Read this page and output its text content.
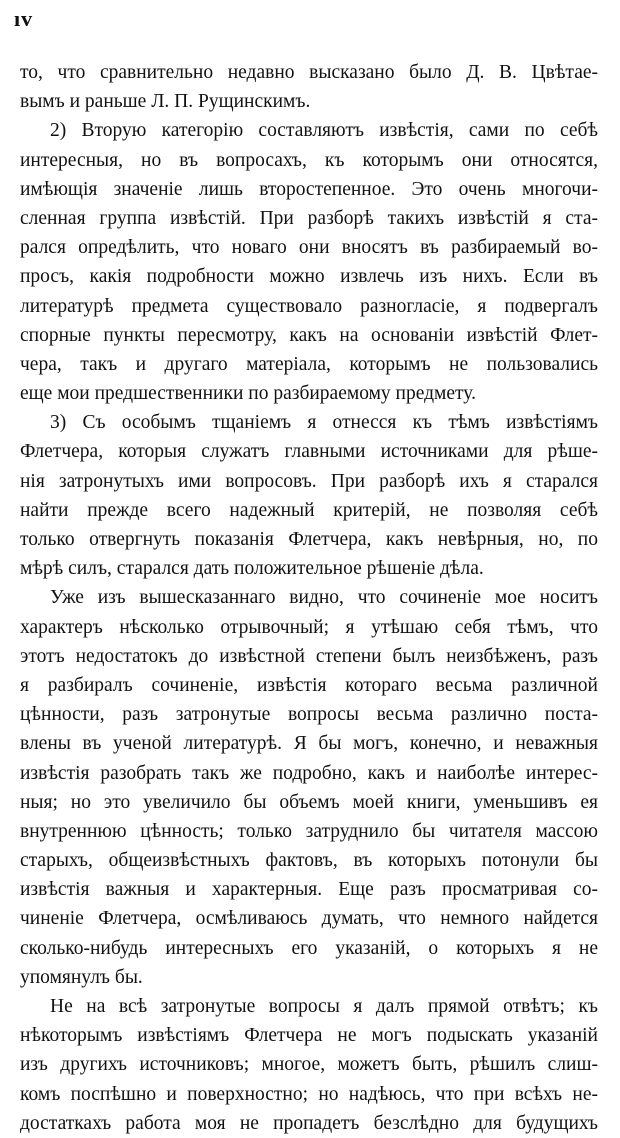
ıv
то, что сравнительно недавно высказано было Д. В. Цвѣтае-
вымъ и раньше Л. П. Рущинскимъ.
2) Вторую категорію составляютъ извѣстія, сами по себѣ
интересныя, но въ вопросахъ, къ которымъ они относятся,
имѣющія значеніе лишь второстепенное. Это очень многочи-
сленная группа извѣстій. При разборѣ такихъ извѣстій я ста-
рался опредѣлить, что новаго они вносятъ въ разбираемый во-
просъ, какія подробности можно извлечь изъ нихъ. Если въ
литературѣ предмета существовало разногласіе, я подвергалъ
спорные пункты пересмотру, какъ на основаніи извѣстій Флет-
чера, такъ и другаго матеріала, которымъ не пользовались
еще мои предшественники по разбираемому предмету.
3) Съ особымъ тщаніемъ я отнесся къ тѣмъ извѣстіямъ
Флетчера, которыя служатъ главными источниками для рѣше-
нія затронутыхъ ими вопросовъ. При разборѣ ихъ я старался
найти прежде всего надежный критерій, не позволяя себѣ
только отвергнуть показанія Флетчера, какъ невѣрныя, но, по
мѣрѣ силъ, старался дать положительное рѣшеніе дѣла.
Уже изъ вышесказаннаго видно, что сочиненіе мое носитъ
характеръ нѣсколько отрывочный; я утѣшаю себя тѣмъ, что
этотъ недостатокъ до извѣстной степени былъ неизбѣженъ, разъ
я разбиралъ сочиненіе, извѣстія котораго весьма различной
цѣнности, разъ затронутые вопросы весьма различно поста-
влены въ ученой литературѣ. Я бы могъ, конечно, и неважныя
извѣстія разобрать такъ же подробно, какъ и наиболѣе интерес-
ныя; но это увеличило бы объемъ моей книги, уменьшивъ ея
внутреннюю цѣнность; только затруднило бы читателя массою
старыхъ, общеизвѣстныхъ фактовъ, въ которыхъ потонули бы
извѣстія важныя и характерныя. Еще разъ просматривая со-
чиненіе Флетчера, осмѣливаюсь думать, что немного найдется
сколько-нибудь интересныхъ его указаній, о которыхъ я не
упомянулъ бы.
Не на всѣ затронутые вопросы я далъ прямой отвѣтъ; къ
нѣкоторымъ извѣстіямъ Флетчера не могъ подыскать указаній
изъ другихъ источниковъ; многое, можетъ быть, рѣшилъ слиш-
комъ поспѣшно и поверхностно; но надѣюсь, что при всѣхъ не-
достаткахъ работа моя не пропадетъ безслѣдно для будущихъ
